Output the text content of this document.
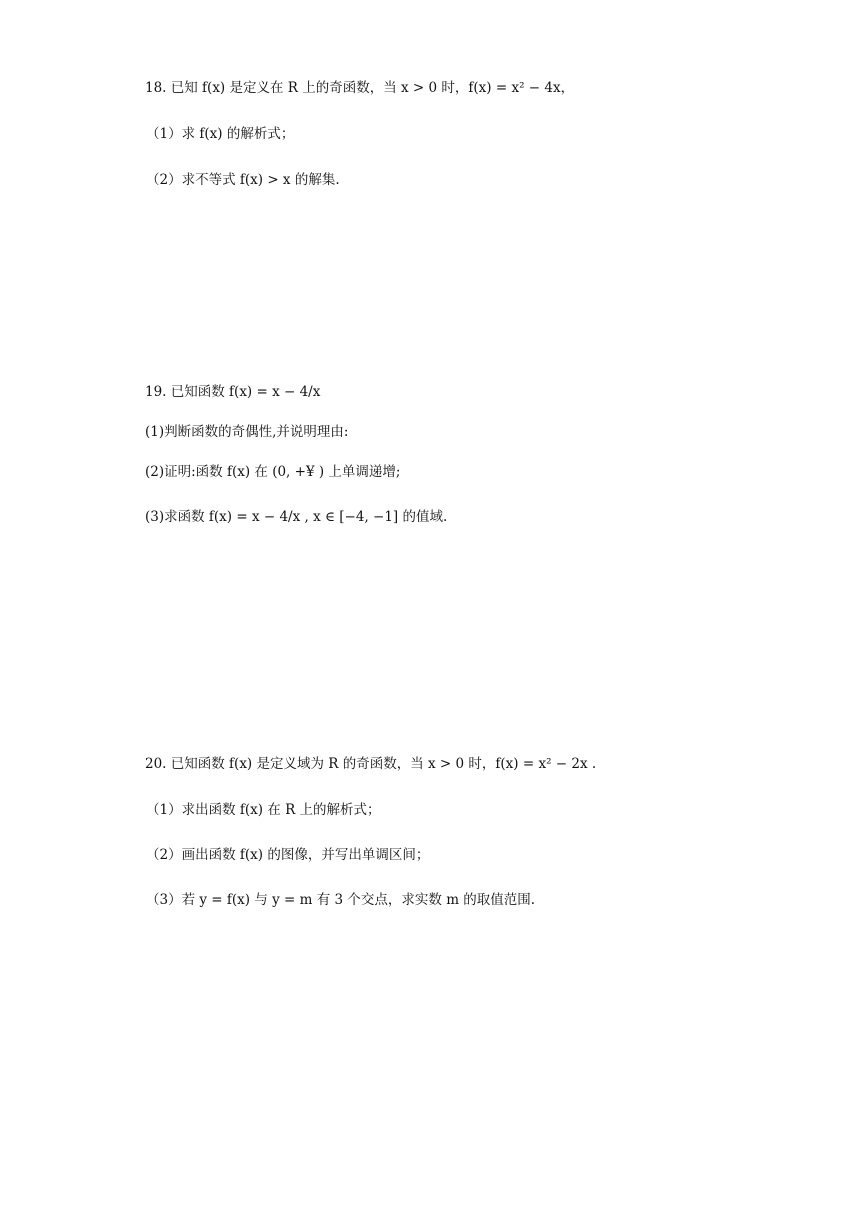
18. 已知 f(x) 是定义在 R 上的奇函数，当 x > 0 时，f(x) = x² − 4x，
（1）求 f(x) 的解析式；
（2）求不等式 f(x) > x 的解集.
19. 已知函数 f(x) = x − 4/x
(1)判断函数的奇偶性,并说明理由:
(2)证明:函数 f(x) 在 (0, +¥ ) 上单调递增;
(3)求函数 f(x) = x − 4/x , x ∈ [−4, −1] 的值域.
20. 已知函数 f(x) 是定义域为 R 的奇函数，当 x > 0 时，f(x) = x² − 2x .
（1）求出函数 f(x) 在 R 上的解析式；
（2）画出函数 f(x) 的图像，并写出单调区间；
（3）若 y = f(x) 与 y = m 有 3 个交点，求实数 m 的取值范围.
